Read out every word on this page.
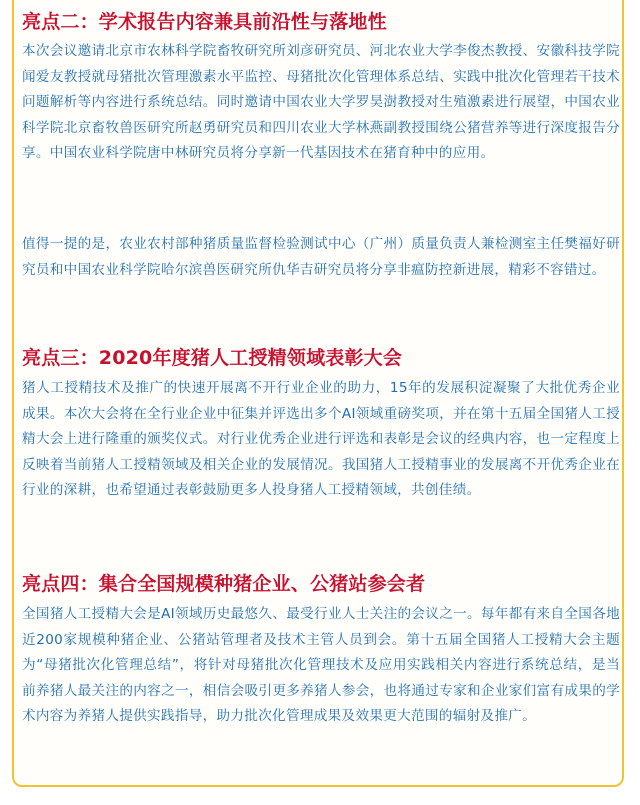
亮点二：学术报告内容兼具前沿性与落地性

本次会议邀请北京市农林科学院畜牧研究所刘彦研究员、河北农业大学李俊杰教授、安徽科技学院闻爱友教授就母猪批次管理激素水平监控、母猪批次化管理体系总结、实践中批次化管理若干技术问题解析等内容进行系统总结。同时邀请中国农业大学罗昊澍教授对生殖激素进行展望，中国农业科学院北京畜牧兽医研究所赵勇研究员和四川农业大学林燕副教授围绕公猪营养等进行深度报告分享。中国农业科学院唐中林研究员将分享新一代基因技术在猪育种中的应用。

值得一提的是，农业农村部种猪质量监督检验测试中心（广州）质量负责人兼检测室主任樊福好研究员和中国农业科学院哈尔滨兽医研究所仇华吉研究员将分享非瘟防控新进展，精彩不容错过。

亮点三：2020年度猪人工授精领域表彰大会

猪人工授精技术及推广的快速开展离不开行业企业的助力，15年的发展积淀凝聚了大批优秀企业成果。本次大会将在全行业企业中征集并评选出多个AI领域重磅奖项，并在第十五届全国猪人工授精大会上进行隆重的颁奖仪式。对行业优秀企业进行评选和表彰是会议的经典内容，也一定程度上反映着当前猪人工授精领域及相关企业的发展情况。我国猪人工授精事业的发展离不开优秀企业在行业的深耕，也希望通过表彰鼓励更多人投身猪人工授精领域，共创佳绩。

亮点四：集合全国规模种猪企业、公猪站参会者

全国猪人工授精大会是AI领域历史最悠久、最受行业人士关注的会议之一。每年都有来自全国各地近200家规模种猪企业、公猪站管理者及技术主管人员到会。第十五届全国猪人工授精大会主题为“母猪批次化管理总结”，将针对母猪批次化管理技术及应用实践相关内容进行系统总结，是当前养猪人最关注的内容之一，相信会吸引更多养猪人参会，也将通过专家和企业家们富有成果的学术内容为养猪人提供实践指导，助力批次化管理成果及效果更大范围的辐射及推广。
